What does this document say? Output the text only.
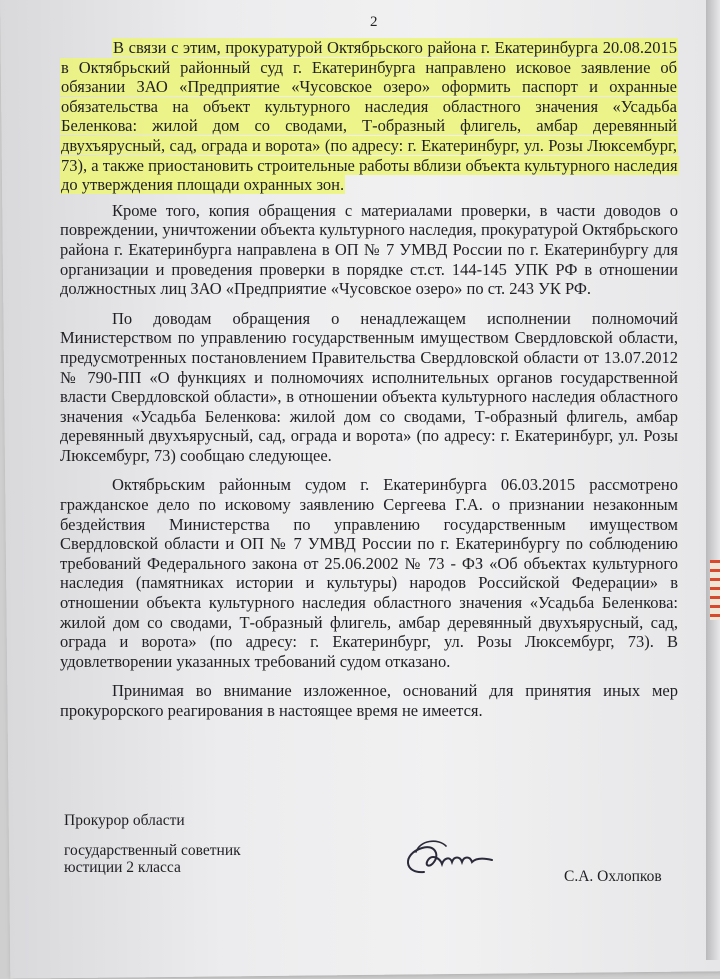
2

В связи с этим, прокуратурой Октябрьского района г. Екатеринбурга 20.08.2015 в Октябрьский районный суд г. Екатеринбурга направлено исковое заявление об обязании ЗАО «Предприятие «Чусовское озеро» оформить паспорт и охранные обязательства на объект культурного наследия областного значения «Усадьба Беленкова: жилой дом со сводами, Т-образный флигель, амбар деревянный двухъярусный, сад, ограда и ворота» (по адресу: г. Екатеринбург, ул. Розы Люксембург, 73), а также приостановить строительные работы вблизи объекта культурного наследия до утверждения площади охранных зон.

Кроме того, копия обращения с материалами проверки, в части доводов о повреждении, уничтожении объекта культурного наследия, прокуратурой Октябрьского района г. Екатеринбурга направлена в ОП № 7 УМВД России по г. Екатеринбургу для организации и проведения проверки в порядке ст.ст. 144-145 УПК РФ в отношении должностных лиц ЗАО «Предприятие «Чусовское озеро» по ст. 243 УК РФ.

По доводам обращения о ненадлежащем исполнении полномочий Министерством по управлению государственным имуществом Свердловской области, предусмотренных постановлением Правительства Свердловской области от 13.07.2012 № 790-ПП «О функциях и полномочиях исполнительных органов государственной власти Свердловской области», в отношении объекта культурного наследия областного значения «Усадьба Беленкова: жилой дом со сводами, Т-образный флигель, амбар деревянный двухъярусный, сад, ограда и ворота» (по адресу: г. Екатеринбург, ул. Розы Люксембург, 73) сообщаю следующее.

Октябрьским районным судом г. Екатеринбурга 06.03.2015 рассмотрено гражданское дело по исковому заявлению Сергеева Г.А. о признании незаконным бездействия Министерства по управлению государственным имуществом Свердловской области и ОП № 7 УМВД России по г. Екатеринбургу по соблюдению требований Федерального закона от 25.06.2002 № 73 - ФЗ «Об объектах культурного наследия (памятниках истории и культуры) народов Российской Федерации» в отношении объекта культурного наследия областного значения «Усадьба Беленкова: жилой дом со сводами, Т-образный флигель, амбар деревянный двухъярусный, сад, ограда и ворота» (по адресу: г. Екатеринбург, ул. Розы Люксембург, 73). В удовлетворении указанных требований судом отказано.

Принимая во внимание изложенное, оснований для принятия иных мер прокурорского реагирования в настоящее время не имеется.

Прокурор области
государственный советник
юстиции 2 класса
С.А. Охлопков
